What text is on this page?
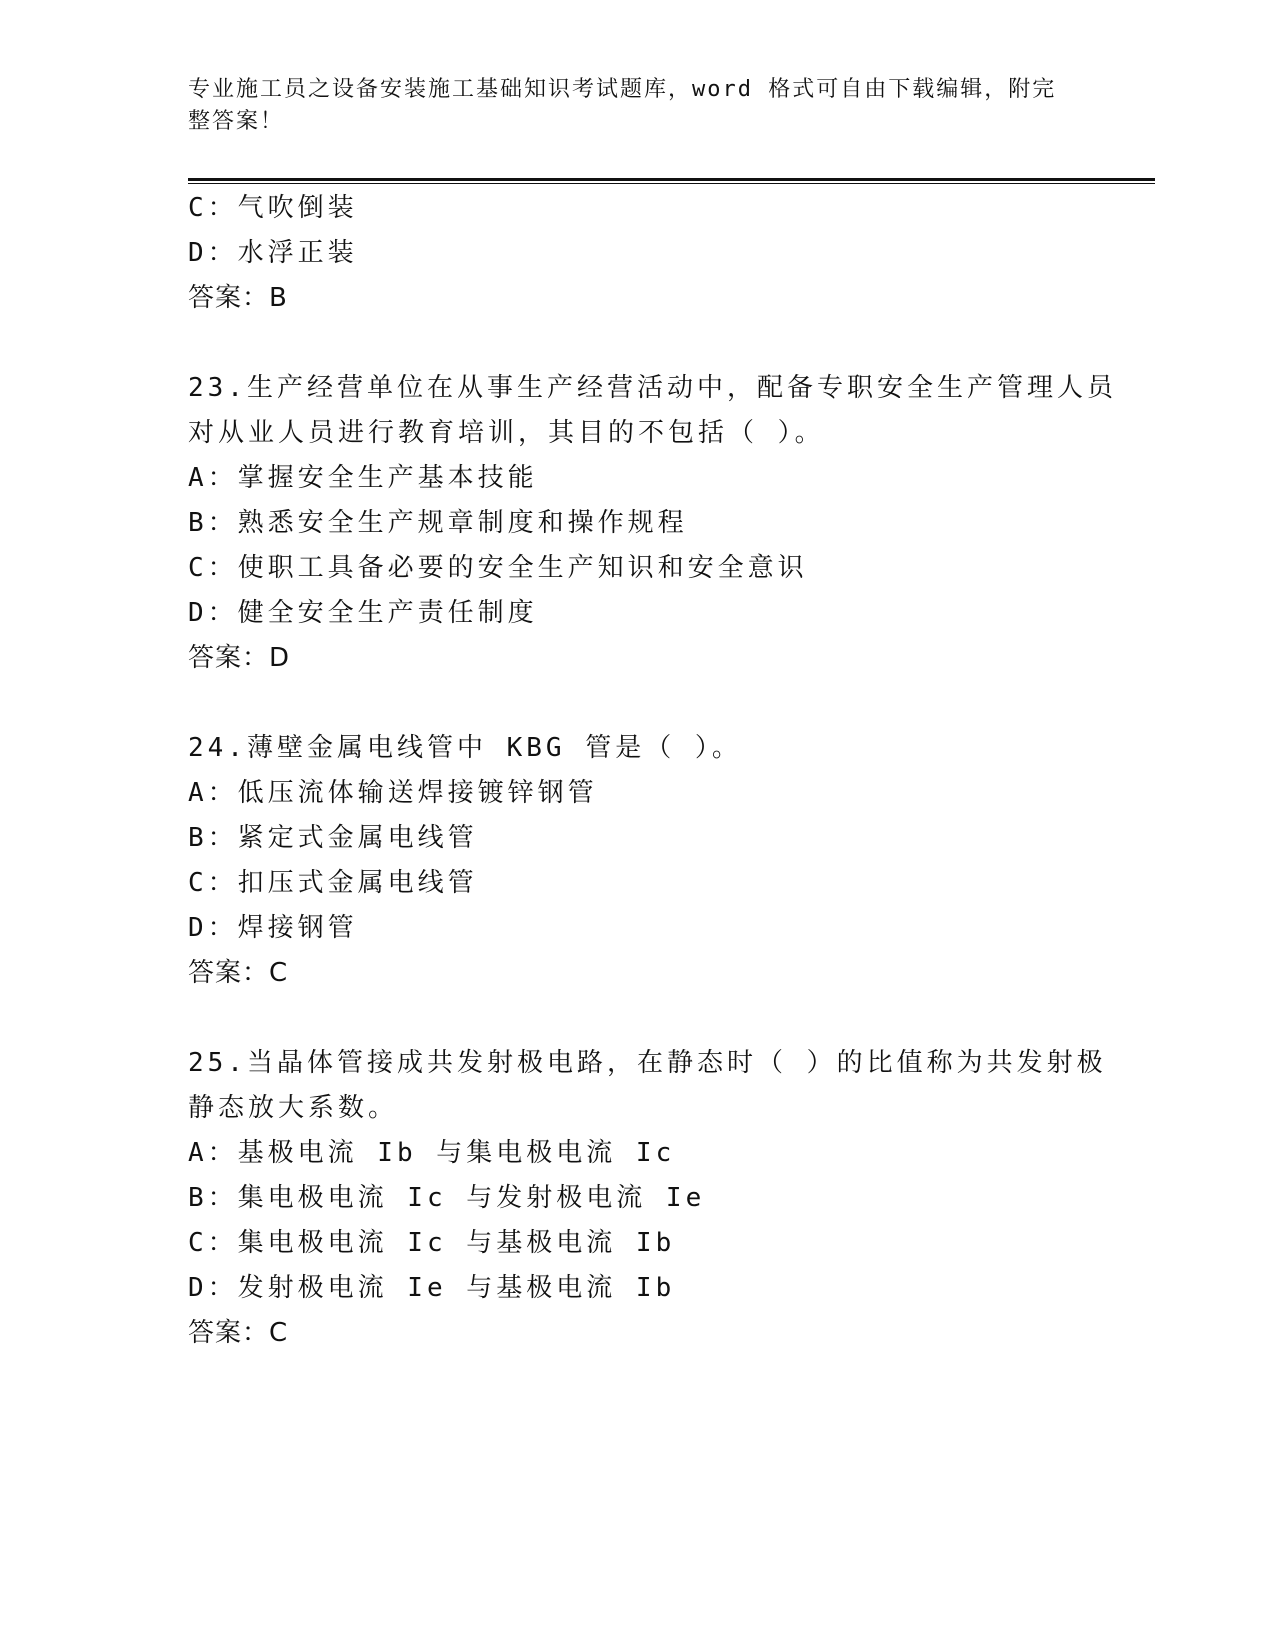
专业施工员之设备安装施工基础知识考试题库，word 格式可自由下载编辑，附完
整答案！
C：气吹倒装
D：水浮正装
答案：B
23.生产经营单位在从事生产经营活动中，配备专职安全生产管理人员
对从业人员进行教育培训，其目的不包括（ ）。
A：掌握安全生产基本技能
B：熟悉安全生产规章制度和操作规程
C：使职工具备必要的安全生产知识和安全意识
D：健全安全生产责任制度
答案：D
24.薄壁金属电线管中 KBG 管是（ ）。
A：低压流体输送焊接镀锌钢管
B：紧定式金属电线管
C：扣压式金属电线管
D：焊接钢管
答案：C
25.当晶体管接成共发射极电路，在静态时（ ）的比值称为共发射极
静态放大系数。
A：基极电流 Ib 与集电极电流 Ic
B：集电极电流 Ic 与发射极电流 Ie
C：集电极电流 Ic 与基极电流 Ib
D：发射极电流 Ie 与基极电流 Ib
答案：C
